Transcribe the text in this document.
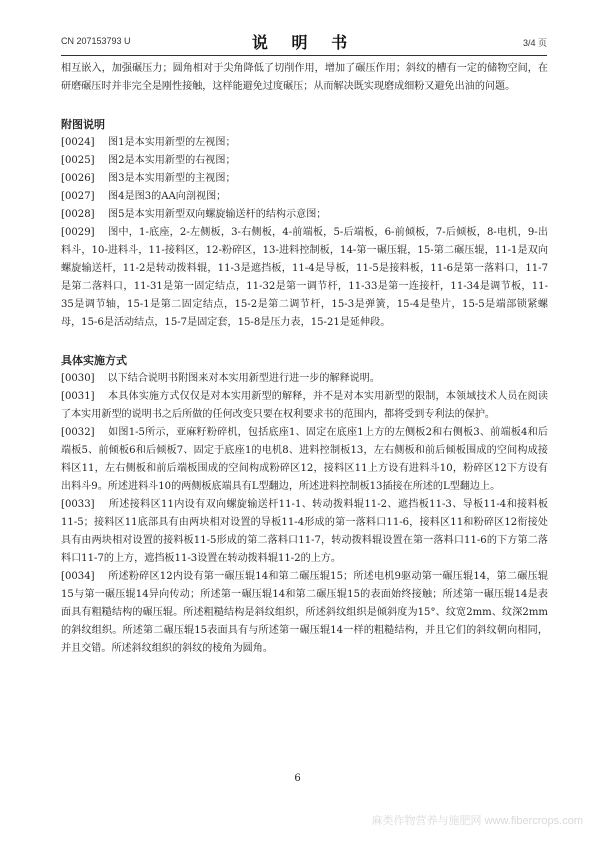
CN 207153793 U	说 明 书	3/4 页

相互嵌入，加强碾压力；圆角相对于尖角降低了切削作用，增加了碾压作用；斜纹的槽有一定的储物空间，在研磨碾压时并非完全是刚性接触，这样能避免过度碾压；从而解决既实现磨成细粉又避免出油的问题。

附图说明
[0024]	图1是本实用新型的左视图；
[0025]	图2是本实用新型的右视图；
[0026]	图3是本实用新型的主视图；
[0027]	图4是图3的AA向剖视图；
[0028]	图5是本实用新型双向螺旋输送杆的结构示意图；

[0029] 图中，1-底座，2-左侧板，3-右侧板，4-前端板，5-后端板，6-前倾板，7-后倾板，8-电机，9-出料斗，10-进料斗，11-接料区，12-粉碎区，13-进料控制板，14-第一碾压辊，15-第二碾压辊，11-1是双向螺旋输送杆，11-2是转动拨料辊，11-3是遮挡板，11-4是导板，11-5是接料板，11-6是第一落料口，11-7是第二落料口，11-31是第一固定结点，11-32是第一调节杆，11-33是第一连接杆，11-34是调节板，11-35是调节轴，15-1是第二固定结点，15-2是第二调节杆，15-3是弹簧，15-4是垫片，15-5是端部锁紧螺母，15-6是活动结点，15-7是固定套，15-8是压力表，15-21是延伸段。

具体实施方式

[0030] 以下结合说明书附图来对本实用新型进行进一步的解释说明。

[0031] 本具体实施方式仅仅是对本实用新型的解释，并不是对本实用新型的限制，本领域技术人员在阅读了本实用新型的说明书之后所做的任何改变只要在权利要求书的范围内，都将受到专利法的保护。

[0032] 如图1-5所示，亚麻籽粉碎机，包括底座1、固定在底座1上方的左侧板2和右侧板3、前端板4和后端板5、前倾板6和后倾板7、固定于底座1的电机8、进料控制板13，左右侧板和前后倾板围成的空间构成接料区11，左右侧板和前后端板围成的空间构成粉碎区12，接料区11上方设有进料斗10，粉碎区12下方设有出料斗9。所述进料斗10的两侧板底端具有L型翻边，所述进料控制板13插接在所述的L型翻边上。

[0033] 所述接料区11内设有双向螺旋输送杆11-1、转动拨料辊11-2、遮挡板11-3、导板11-4和接料板11-5；接料区11底部具有由两块相对设置的导板11-4形成的第一落料口11-6，接料区11和粉碎区12衔接处具有由两块相对设置的接料板11-5形成的第二落料口11-7，转动拨料辊设置在第一落料口11-6的下方第二落料口11-7的上方，遮挡板11-3设置在转动拨料辊11-2的上方。

[0034] 所述粉碎区12内设有第一碾压辊14和第二碾压辊15；所述电机9驱动第一碾压辊14，第二碾压辊15与第一碾压辊14异向传动；所述第一碾压辊14和第二碾压辊15的表面始终接触；所述第一碾压辊14是表面具有粗糙结构的碾压辊。所述粗糙结构是斜纹组织，所述斜纹组织是倾斜度为15°、纹宽2mm、纹深2mm的斜纹组织。所述第二碾压辊15表面具有与所述第一碾压辊14一样的粗糙结构，并且它们的斜纹朝向相同，并且交错。所述斜纹组织的斜纹的棱角为圆角。

6
麻类作物营养与施肥网 www.fibercrops.com
